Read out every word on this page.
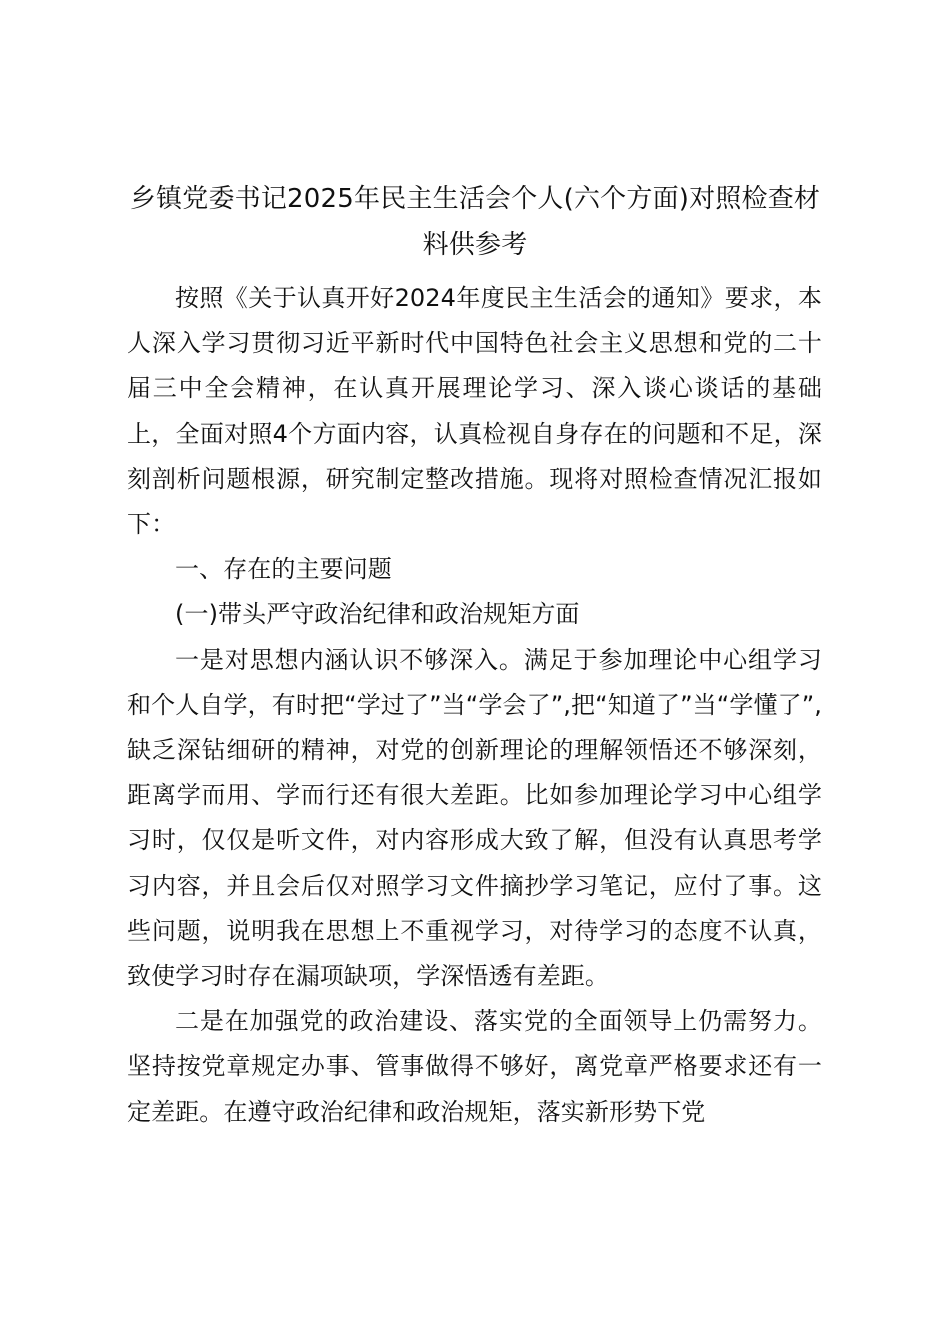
乡镇党委书记2025年民主生活会个人(六个方面)对照检查材料供参考

按照《关于认真开好2024年度民主生活会的通知》要求，本人深入学习贯彻习近平新时代中国特色社会主义思想和党的二十届三中全会精神，在认真开展理论学习、深入谈心谈话的基础上，全面对照4个方面内容，认真检视自身存在的问题和不足，深刻剖析问题根源，研究制定整改措施。现将对照检查情况汇报如下：

一、存在的主要问题

(一)带头严守政治纪律和政治规矩方面

一是对思想内涵认识不够深入。满足于参加理论中心组学习和个人自学，有时把“学过了”当“学会了”,把“知道了”当“学懂了”,缺乏深钻细研的精神，对党的创新理论的理解领悟还不够深刻，距离学而用、学而行还有很大差距。比如参加理论学习中心组学习时，仅仅是听文件，对内容形成大致了解，但没有认真思考学习内容，并且会后仅对照学习文件摘抄学习笔记，应付了事。这些问题，说明我在思想上不重视学习，对待学习的态度不认真，致使学习时存在漏项缺项，学深悟透有差距。

二是在加强党的政治建设、落实党的全面领导上仍需努力。坚持按党章规定办事、管事做得不够好，离党章严格要求还有一定差距。在遵守政治纪律和政治规矩，落实新形势下党
